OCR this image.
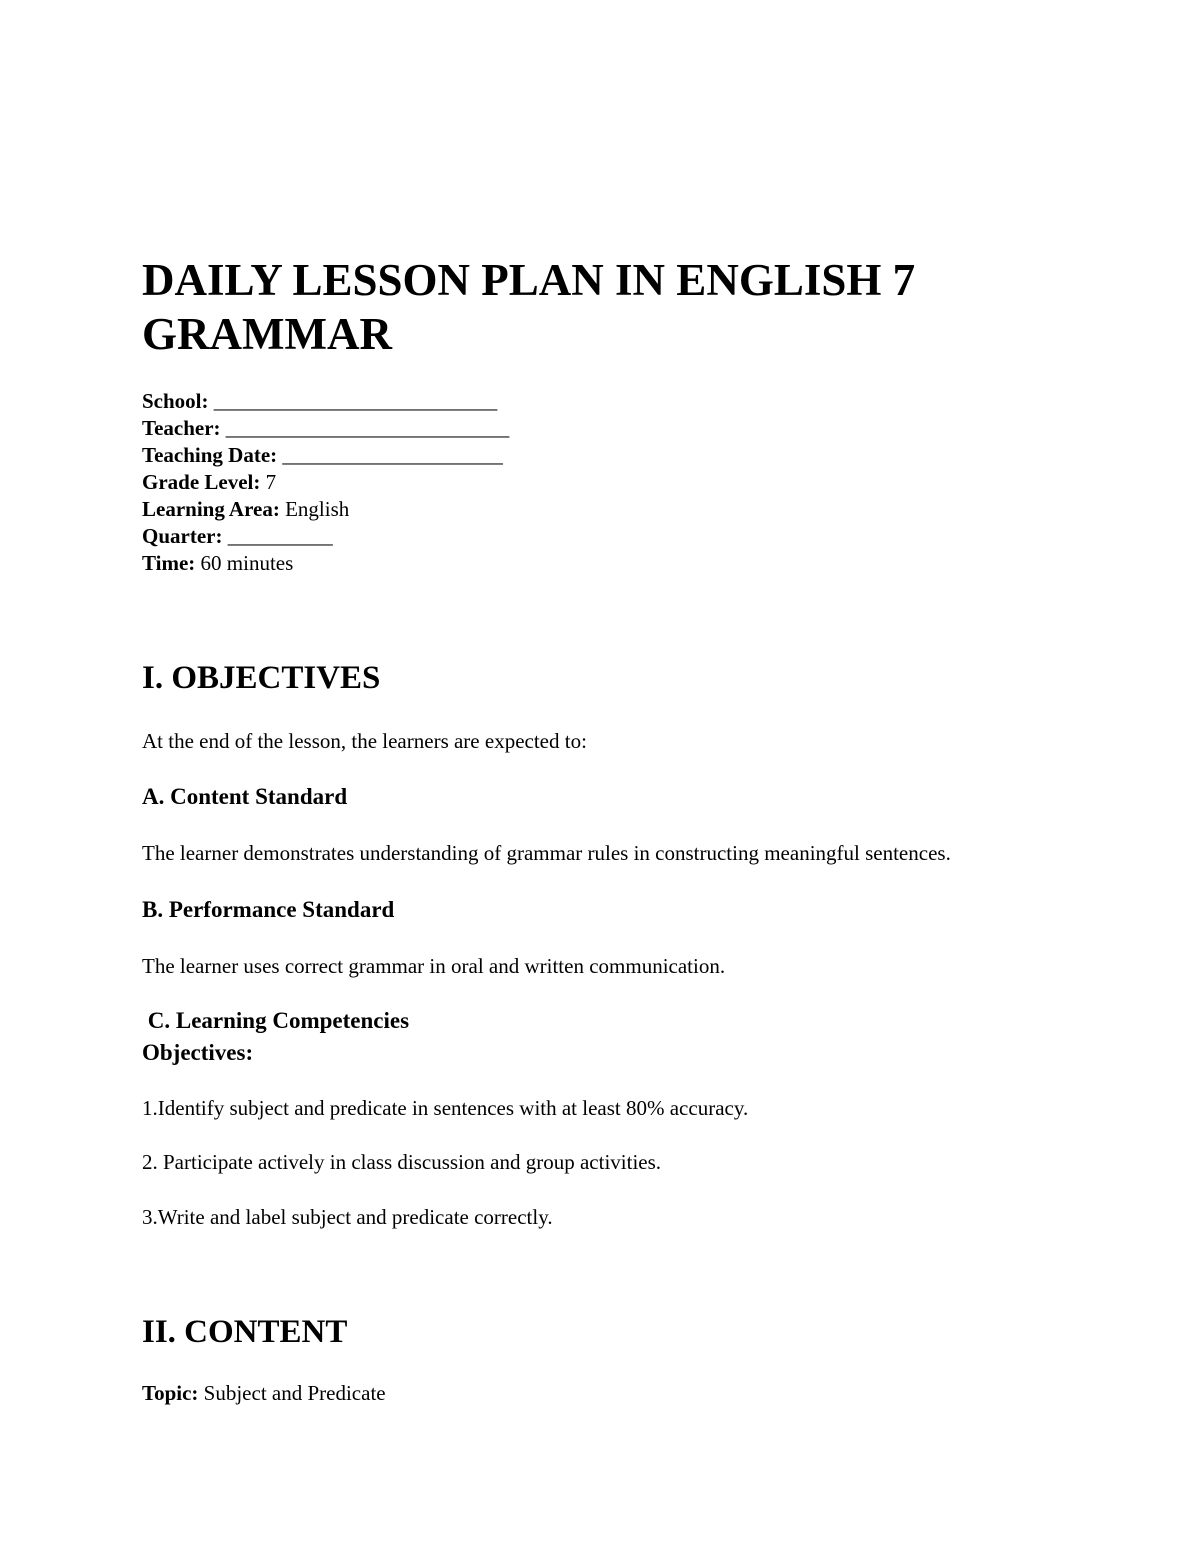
DAILY LESSON PLAN IN ENGLISH 7
GRAMMAR
School: ___________________________
Teacher: ___________________________
Teaching Date: _____________________
Grade Level: 7
Learning Area: English
Quarter: __________
Time: 60 minutes
I. OBJECTIVES
At the end of the lesson, the learners are expected to:
A. Content Standard
The learner demonstrates understanding of grammar rules in constructing meaningful sentences.
B. Performance Standard
The learner uses correct grammar in oral and written communication.
C. Learning Competencies
Objectives:
1.Identify subject and predicate in sentences with at least 80% accuracy.
2. Participate actively in class discussion and group activities.
3.Write and label subject and predicate correctly.
II. CONTENT
Topic: Subject and Predicate
